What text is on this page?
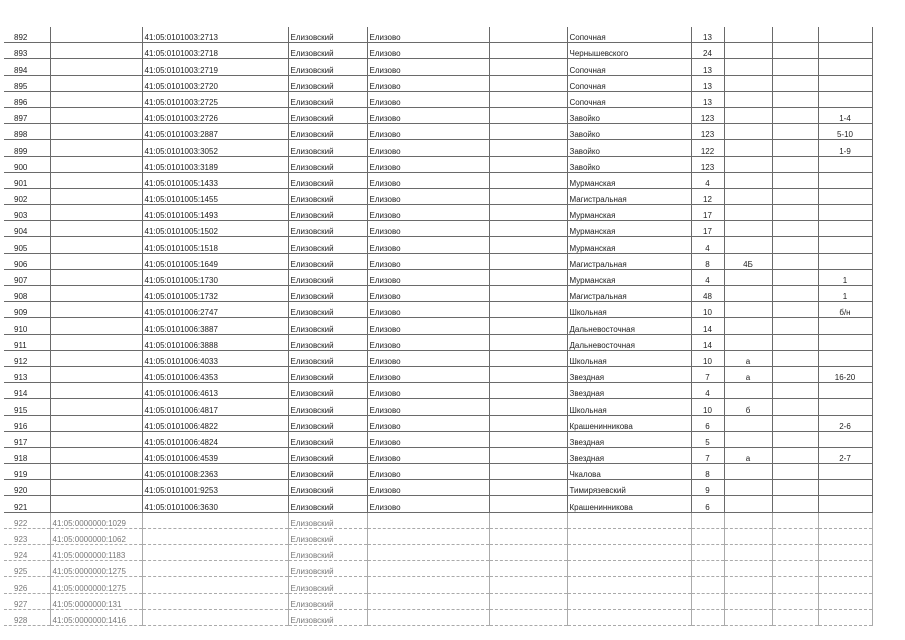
892		41:05:0101003:2713	Елизовский	Елизово		Сопочная	13			
893		41:05:0101003:2718	Елизовский	Елизово		Чернышевского	24			
894		41:05:0101003:2719	Елизовский	Елизово		Сопочная	13			
895		41:05:0101003:2720	Елизовский	Елизово		Сопочная	13			
896		41:05:0101003:2725	Елизовский	Елизово		Сопочная	13			
897		41:05:0101003:2726	Елизовский	Елизово		Завойко	123			1-4
898		41:05:0101003:2887	Елизовский	Елизово		Завойко	123			5-10
899		41:05:0101003:3052	Елизовский	Елизово		Завойко	122			1-9
900		41:05:0101003:3189	Елизовский	Елизово		Завойко	123			
901		41:05:0101005:1433	Елизовский	Елизово		Мурманская	4			
902		41:05:0101005:1455	Елизовский	Елизово		Магистральная	12			
903		41:05:0101005:1493	Елизовский	Елизово		Мурманская	17			
904		41:05:0101005:1502	Елизовский	Елизово		Мурманская	17			
905		41:05:0101005:1518	Елизовский	Елизово		Мурманская	4			
906		41:05:0101005:1649	Елизовский	Елизово		Магистральная	8	4Б		
907		41:05:0101005:1730	Елизовский	Елизово		Мурманская	4			1
908		41:05:0101005:1732	Елизовский	Елизово		Магистральная	48			1
909		41:05:0101006:2747	Елизовский	Елизово		Школьная	10			б/н
910		41:05:0101006:3887	Елизовский	Елизово		Дальневосточная	14			
911		41:05:0101006:3888	Елизовский	Елизово		Дальневосточная	14			
912		41:05:0101006:4033	Елизовский	Елизово		Школьная	10	а		
913		41:05:0101006:4353	Елизовский	Елизово		Звездная	7	а		16-20
914		41:05:0101006:4613	Елизовский	Елизово		Звездная	4			
915		41:05:0101006:4817	Елизовский	Елизово		Школьная	10	б		
916		41:05:0101006:4822	Елизовский	Елизово		Крашенинникова	6			2-6
917		41:05:0101006:4824	Елизовский	Елизово		Звездная	5			
918		41:05:0101006:4539	Елизовский	Елизово		Звездная	7	а		2-7
919		41:05:0101008:2363	Елизовский	Елизово		Чкалова	8			
920		41:05:0101001:9253	Елизовский	Елизово		Тимирязевский	9			
921		41:05:0101006:3630	Елизовский	Елизово		Крашенинникова	6			
922	41:05:0000000:1029		Елизовский							
923	41:05:0000000:1062		Елизовский							
924	41:05:0000000:1183		Елизовский							
925	41:05:0000000:1275		Елизовский							
926	41:05:0000000:1275		Елизовский							
927	41:05:0000000:131		Елизовский							
928	41:05:0000000:1416		Елизовский							
